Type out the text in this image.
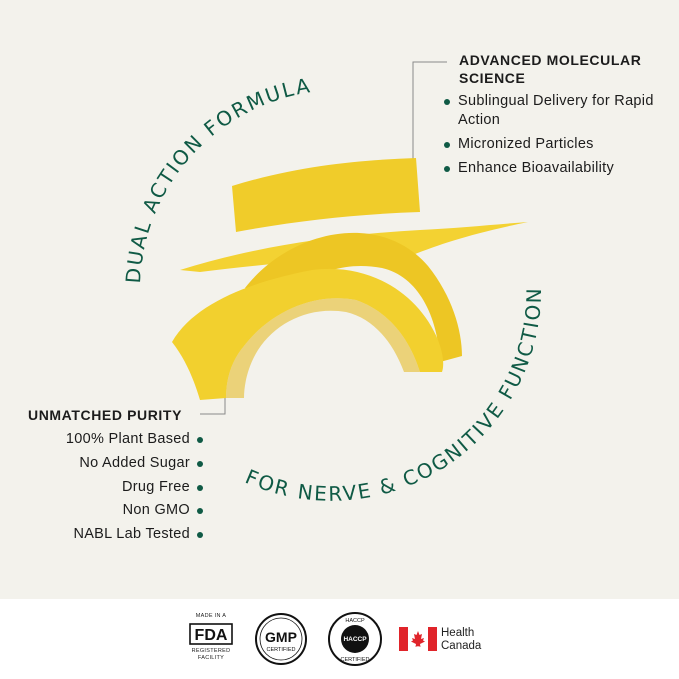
DUAL ACTION FORMULA
FOR NERVE & COGNITIVE FUNCTION
ADVANCED MOLECULAR
SCIENCE
Sublingual Delivery for Rapid Action
Micronized Particles
Enhance Bioavailability
UNMATCHED PURITY
100% Plant Based
No Added Sugar
Drug Free
Non GMO
NABL Lab Tested
MADE IN A
FDA
REGISTERED FACILITY
GMP
CERTIFIED
HACCP
HACCP
CERTIFIED
Health
Canada
